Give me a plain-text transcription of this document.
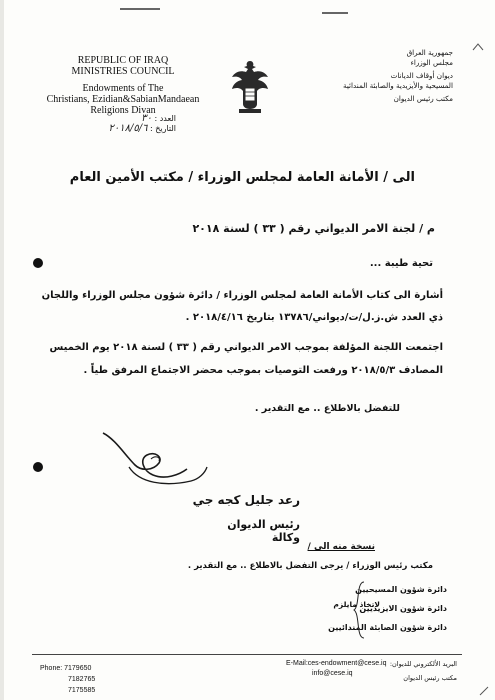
REPUBLIC OF IRAQ
MINISTRIES COUNCIL
Endowments of The
Christians, Ezidian&SabianMandaean
Religions Divan
جمهورية العراق
مجلس الوزراء
ديوان أوقاف الديانات
المسيحية والأيزيدية والصابئة المندائية
مكتب رئيس الديوان
العدد : ٣٠
التاريخ : ٢٠١٨/٥/٦
الى / الأمانة العامة لمجلس الوزراء / مكتب الأمين العام
م / لجنة الامر الديواني رقم ( ٣٣ ) لسنة ٢٠١٨
تحية طيبة ...
أشارة الى كتاب الأمانة العامة لمجلس الوزراء / دائرة شؤون مجلس الوزراء واللجان
ذي العدد ش.ز.ل/ت/ديواني/١٣٧٨٦ بتاريخ ٢٠١٨/٤/١٦ .
اجتمعت اللجنة المؤلفة بموجب الامر الديواني رقم ( ٣٣ ) لسنة ٢٠١٨ يوم الخميس
المصادف ٢٠١٨/٥/٣ ورفعت التوصيات بموجب محضر الاجتماع المرفق طياً .
للتفضل بالاطلاع .. مع التقدير .
رعد جليل كجه جي
رئيس الديوان وكالة
نسخة منه الى /
مكتب رئيس الوزراء / يرجى التفضل بالاطلاع .. مع التقدير .
دائرة شؤون المسيحيين
دائرة شؤون الايزيديين
دائرة شؤون الصابئة المندائيين
لاتخاذ مايلزم
Phone: 7179650
7182765
7175585
E-Mail:ces-endowment@cese.iq
info@cese.iq
البريد الألكتروني للديوان:
مكتب رئيس الديوان
